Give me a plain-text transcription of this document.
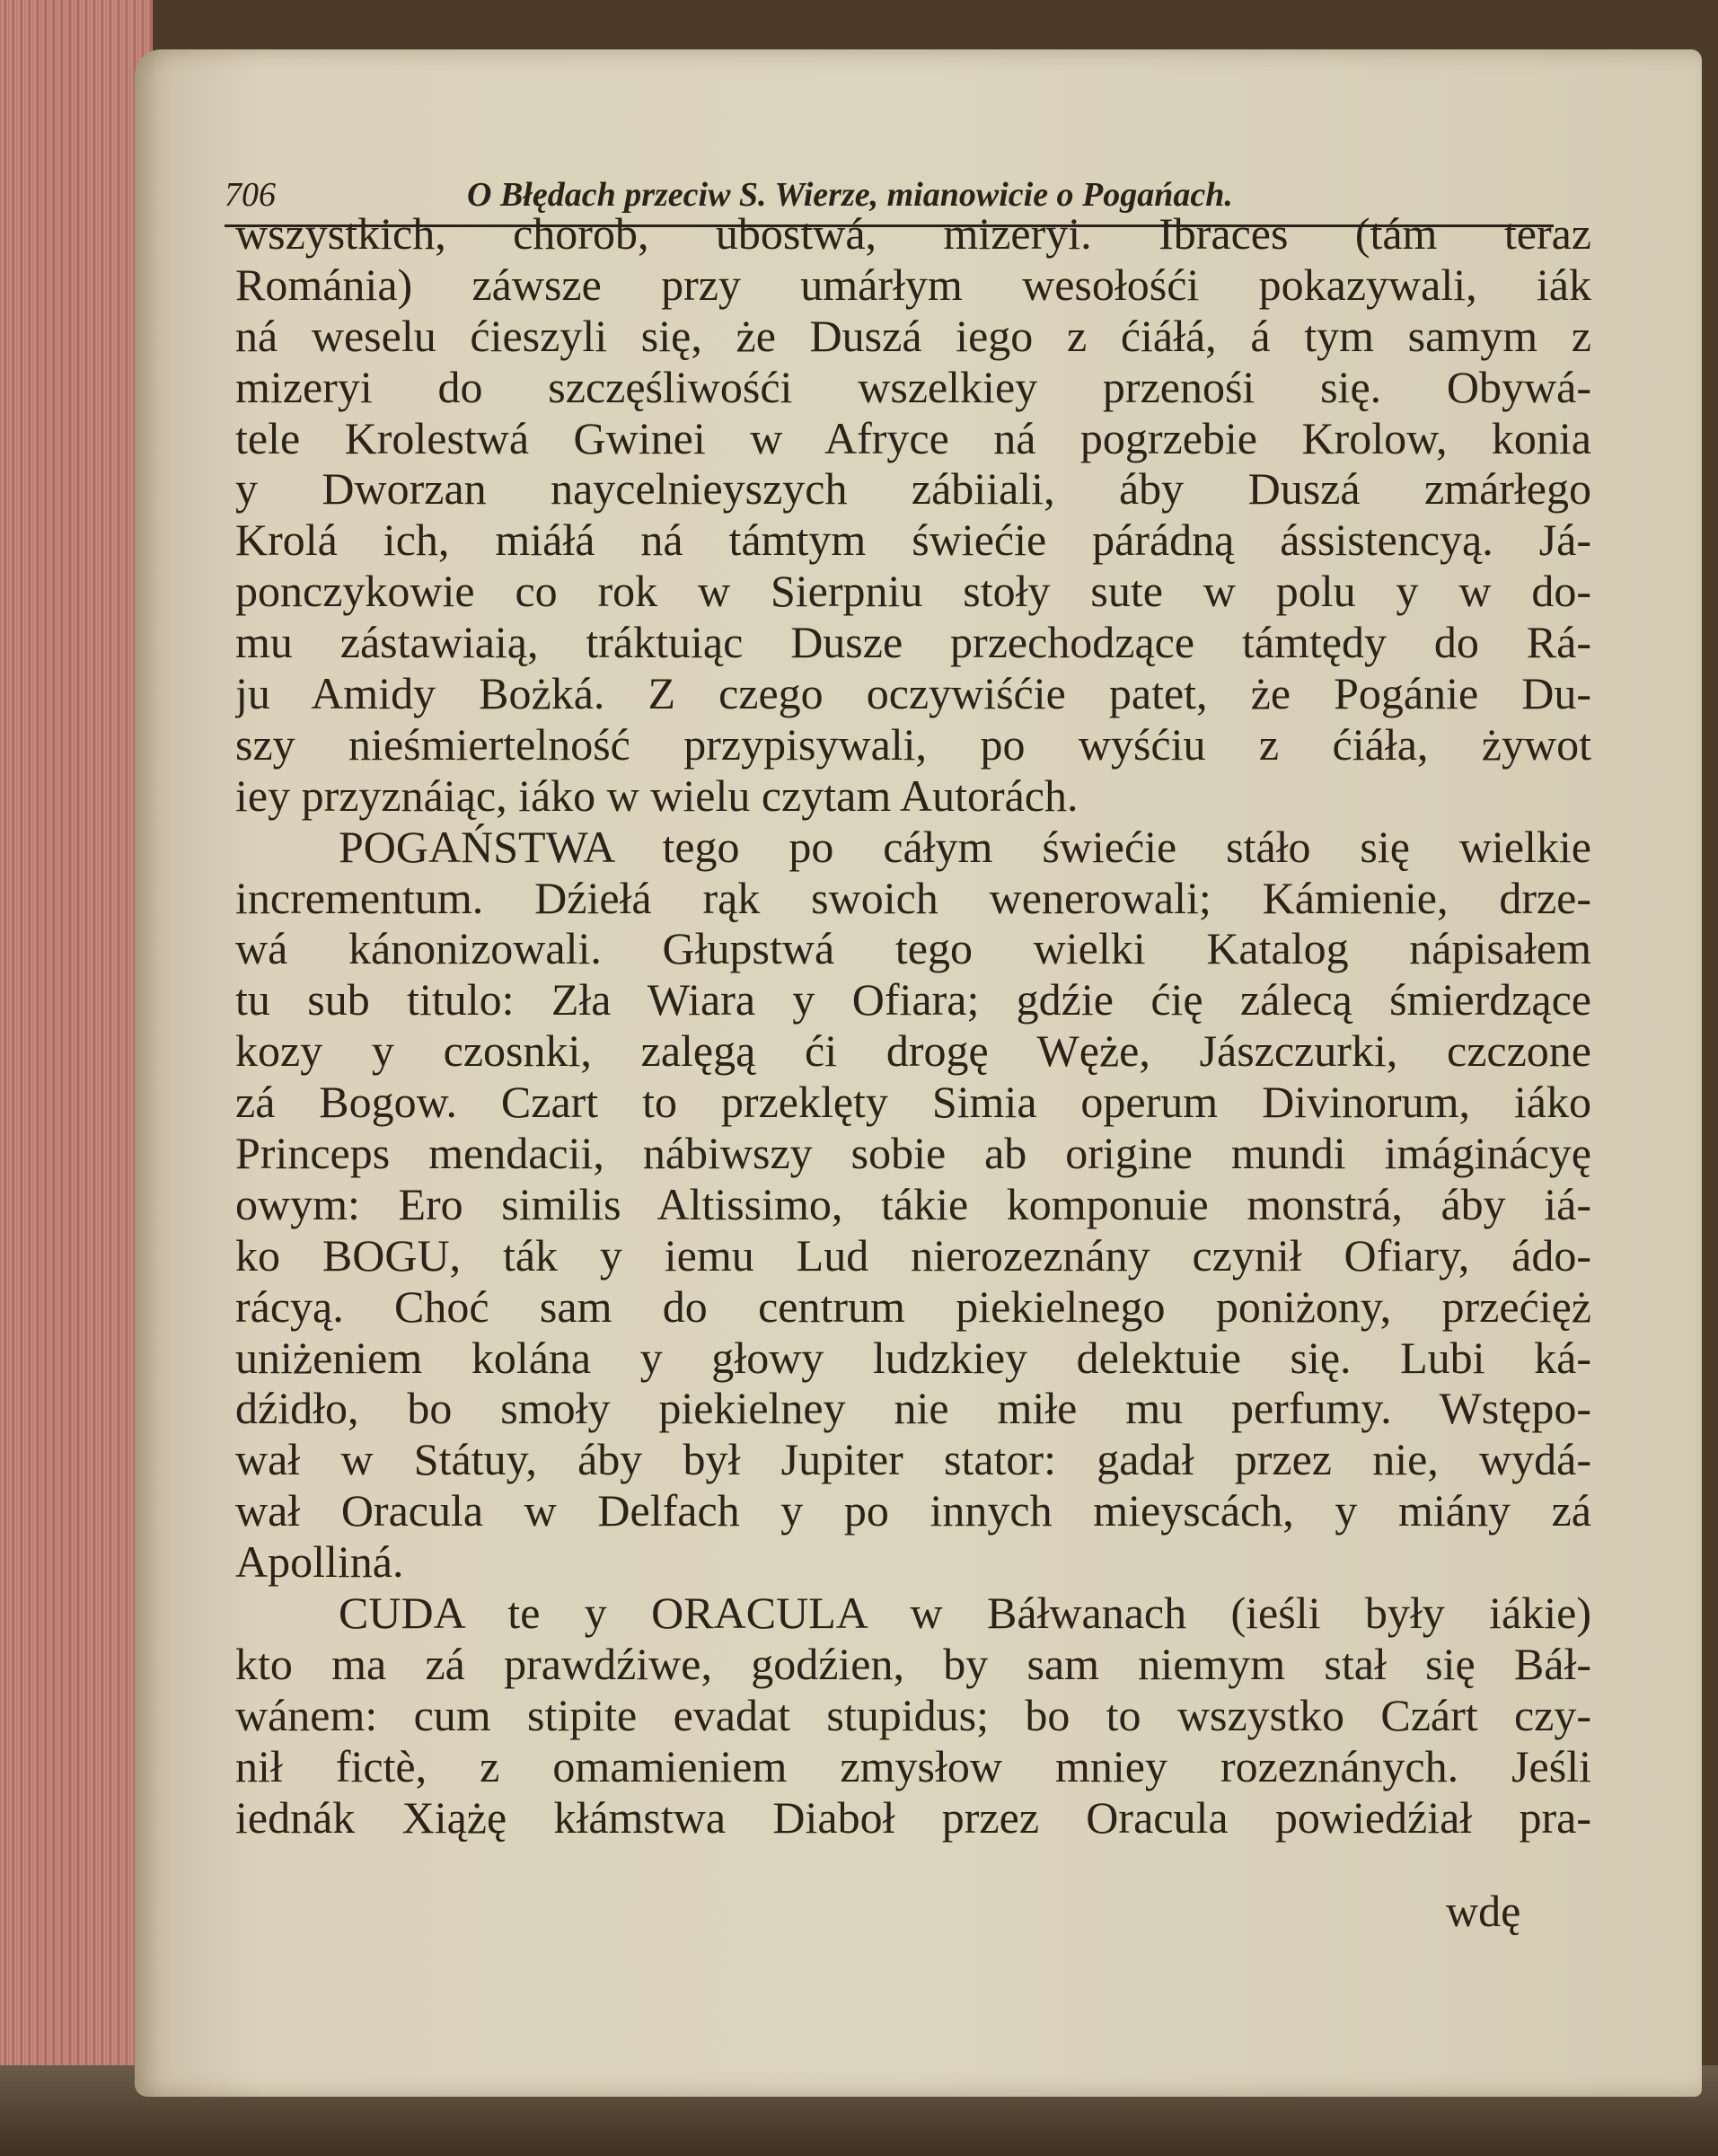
706	O Błędach przeciw S. Wierze, mianowicie o Pogańach.
wszystkich, chorob, ubostwá, mizeryi. Ibraces (tám teraz
Románia) záwsze przy umárłym wesołośći pokazywali, iák
ná weselu ćieszyli się, że Duszá iego z ćiáłá, á tym samym z
mizeryi do szczęśliwośći wszelkiey przenośi się. Obywá-
tele Krolestwá Gwinei w Afryce ná pogrzebie Krolow, konia
y Dworzan naycelnieyszych zábiiali, áby Duszá zmárłego
Krolá ich, miáłá ná támtym świećie párádną ássistencyą. Já-
ponczykowie co rok w Sierpniu stoły sute w polu y w do-
mu zástawiaią, tráktuiąc Dusze przechodzące támtędy do Rá-
ju Amidy Bożká. Z czego oczywiśćie patet, że Pogánie Du-
szy nieśmiertelność przypisywali, po wyśćiu z ćiáła, żywot
iey przyznáiąc, iáko w wielu czytam Autorách.
POGAŃSTWA tego po cáłym świećie stáło się wielkie
incrementum. Dźiełá rąk swoich wenerowali; Kámienie, drze-
wá kánonizowali. Głupstwá tego wielki Katalog nápisałem
tu sub titulo: Zła Wiara y Ofiara; gdźie ćię zálecą śmierdzące
kozy y czosnki, zalęgą ći drogę Węże, Jászczurki, czczone
zá Bogow. Czart to przeklęty Simia operum Divinorum, iáko
Princeps mendacii, nábiwszy sobie ab origine mundi imáginácyę
owym: Ero similis Altissimo, tákie komponuie monstrá, áby iá-
ko BOGU, ták y iemu Lud nierozeznány czynił Ofiary, ádo-
rácyą. Choć sam do centrum piekielnego poniżony, przećięż
uniżeniem kolána y głowy ludzkiey delektuie się. Lubi ká-
dźidło, bo smoły piekielney nie miłe mu perfumy. Wstępo-
wał w Státuy, áby był Jupiter stator: gadał przez nie, wydá-
wał Oracula w Delfach y po innych mieyscách, y miány zá
Apolliná.
CUDA te y ORACULA w Báłwanach (ieśli były iákie)
kto ma zá prawdźiwe, godźien, by sam niemym stał się Báł-
wánem: cum stipite evadat stupidus; bo to wszystko Czárt czy-
nił fictè, z omamieniem zmysłow mniey rozeznánych. Jeśli
iednák Xiążę kłámstwa Diaboł przez Oracula powiedźiał pra-
wdę
